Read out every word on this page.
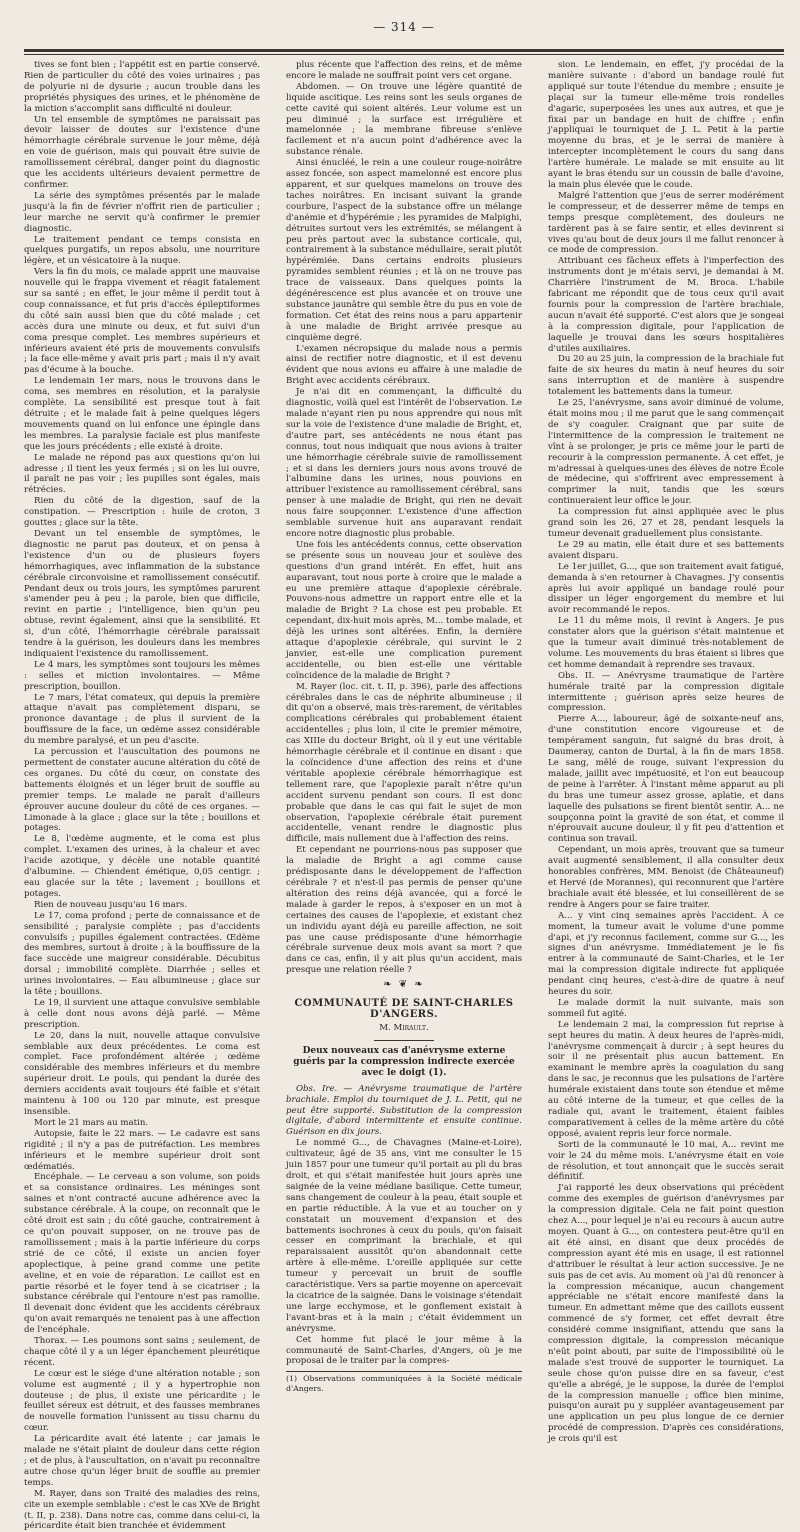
— 314 —

tives se font bien ; l'appétit est en partie conservé. Rien de particulier du côté des voies urinaires ; pas de polyurie ni de dysurie ; aucun trouble dans les propriétés physiques des urines, et le phénomène de la miction s'accomplit sans difficulté ni douleur.

Un tel ensemble de symptômes ne paraissait pas devoir laisser de doutes sur l'existence d'une hémorrhagie cérébrale survenue le jour même, déjà en voie de guérison, mais qui pouvait être suivie de ramollissement cérébral, danger point du diagnostic que les accidents ultérieurs devaient permettre de confirmer.

La série des symptômes présentés par le malade jusqu'à la fin de février n'offrit rien de particulier ; leur marche ne servit qu'à confirmer le premier diagnostic.

Le traitement pendant ce temps consista en quelques purgatifs, un repos absolu, une nourriture légère, et un vésicatoire à la nuque.

Vers la fin du mois, ce malade apprit une mauvaise nouvelle qui le frappa vivement et réagit fatalement sur sa santé ; en effet, le jour même il perdit tout à coup connaissance, et fut pris d'accès épileptiformes du côté sain aussi bien que du côté malade ; cet accès dura une minute ou deux, et fut suivi d'un coma presque complet. Les membres supérieurs et inférieurs avaient été pris de mouvements convulsifs ; la face elle-même y avait pris part ; mais il n'y avait pas d'écume à la bouche.

Le lendemain 1er mars, nous le trouvons dans le coma, ses membres en résolution, et la paralysie complète. La sensibilité est presque tout à fait détruite ; et le malade fait à peine quelques légers mouvements quand on lui enfonce une épingle dans les membres. La paralysie faciale est plus manifeste que les jours précédents ; elle existé à droite.

Le malade ne répond pas aux questions qu'on lui adresse ; il tient les yeux fermés ; si on les lui ouvre, il paraît ne pas voir ; les pupilles sont égales, mais rétrécies.

Rien du côté de la digestion, sauf de la constipation. — Prescription : huile de croton, 3 gouttes ; glace sur la tête.

Devant un tel ensemble de symptômes, le diagnostic ne parut pas douteux, et on pensa à l'existence d'un ou de plusieurs foyers hémorrhagiques, avec inflammation de la substance cérébrale circonvoisine et ramollissement consécutif. Pendant deux ou trois jours, les symptômes parurent s'amender peu à peu ; la parole, bien que difficile, revint en partie ; l'intelligence, bien qu'un peu obtuse, revint également, ainsi que la sensibilité. Et si, d'un côté, l'hémorrhagie cérébrale paraissait tendre à la guérison, les douleurs dans les membres indiquaient l'existence du ramollissement.

Le 4 mars, les symptômes sont toujours les mêmes : selles et miction involontaires. — Même prescription, bouillon.

Le 7 mars, l'état comateux, qui depuis la première attaque n'avait pas complètement disparu, se prononce davantage ; de plus il survient de la bouffissure de la face, un œdème assez considérable du membre paralysé, et un peu d'ascite.

La percussion et l'auscultation des poumons ne permettent de constater aucune altération du côté de ces organes. Du côté du cœur, on constate des battements éloignés et un léger bruit de souffle au premier temps. Le malade ne paraît d'ailleurs éprouver aucune douleur du côté de ces organes. — Limonade à la glace ; glace sur la tête ; bouillons et potages.

Le 8, l'œdème augmente, et le coma est plus complet. L'examen des urines, à la chaleur et avec l'acide azotique, y décèle une notable quantité d'albumine. — Chiendent émétique, 0,05 centigr. ; eau glacée sur la tête ; lavement ; bouillons et potages.

Rien de nouveau jusqu'au 16 mars.

Le 17, coma profond ; perte de connaissance et de sensibilité ; paralysie complète ; pas d'accidents convulsifs ; pupilles également contractées. Œdème des membres, surtout à droite ; à la bouffissure de la face succède une maigreur considérable. Décubitus dorsal ; immobilité complète. Diarrhée ; selles et urines involontaires. — Eau albumineuse ; glace sur la tête ; bouillons.

Le 19, il survient une attaque convulsive semblable à celle dont nous avons déjà parlé. — Même prescription.

Le 20, dans la nuit, nouvelle attaque convulsive semblable aux deux précédentes. Le coma est complet. Face profondément altérée ; œdème considérable des membres inférieurs et du membre supérieur droit. Le pouls, qui pendant la durée des derniers accidents avait toujours été faible et s'était maintenu à 100 ou 120 par minute, est presque insensible.

Mort le 21 mars au matin.

Autopsie, faite le 22 mars. — Le cadavre est sans rigidité ; il n'y a pas de putréfaction. Les membres inférieurs et le membre supérieur droit sont œdématiés.

Encéphale. — Le cerveau a son volume, son poids et sa consistance ordinaires. Les méninges sont saines et n'ont contracté aucune adhérence avec la substance cérébrale. À la coupe, on reconnaît que le côté droit est sain ; du côté gauche, contrairement à ce qu'on pouvait supposer, on ne trouve pas de ramollissement ; mais à la partie inférieure du corps strié de ce côté, il existe un ancien foyer apoplectique, à peine grand comme une petite aveline, et en voie de réparation. Le caillot est en partie résorbé et le foyer tend à se cicatriser ; la substance cérébrale qui l'entoure n'est pas ramollie. Il devenait donc évident que les accidents cérébraux qu'on avait remarqués ne tenaient pas à une affection de l'encéphale.

Thorax. — Les poumons sont sains ; seulement, de chaque côté il y a un léger épanchement pleurétique récent.

Le cœur est le siége d'une altération notable ; son volume est augmenté ; il y a hypertrophie non douteuse ; de plus, il existe une péricardite ; le feuillet séreux est détruit, et des fausses membranes de nouvelle formation l'unissent au tissu charnu du cœur.

La péricardite avait été latente ; car jamais le malade ne s'était plaint de douleur dans cette région ; et de plus, à l'auscultation, on n'avait pu reconnaître autre chose qu'un léger bruit de souffle au premier temps.

M. Rayer, dans son Traité des maladies des reins, cite un exemple semblable : c'est le cas XVe de Bright (t. II, p. 238). Dans notre cas, comme dans celui-ci, la péricardite était bien tranchée et évidemment

plus récente que l'affection des reins, et de même encore le malade ne souffrait point vers cet organe.

Abdomen. — On trouve une légère quantité de liquide ascitique. Les reins sont les seuls organes de cette cavité qui soient altérés. Leur volume est un peu diminué ; la surface est irrégulière et mamelonnée ; la membrane fibreuse s'enlève facilement et n'a aucun point d'adhérence avec la substance rénale.

Ainsi énucléé, le rein a une couleur rouge-noirâtre assez foncée, son aspect mamelonné est encore plus apparent, et sur quelques mamelons on trouve des taches noirâtres. En incisant suivant la grande courbure, l'aspect de la substance offre un mélange d'anémie et d'hypérémie ; les pyramides de Malpighi, détruites surtout vers les extrémités, se mélangent à peu près partout avec la substance corticale, qui, contrairement à la substance médullaire, serait plutôt hypérémiée. Dans certains endroits plusieurs pyramides semblent réunies ; et là on ne trouve pas trace de vaisseaux. Dans quelques points la dégénérescence est plus avancée et on trouve une substance jaunâtre qui semble être du pus en voie de formation. Cet état des reins nous a paru appartenir à une maladie de Bright arrivée presque au cinquième degré.

L'examen nécropsique du malade nous a permis ainsi de rectifier notre diagnostic, et il est devenu évident que nous avions eu affaire à une maladie de Bright avec accidents cérébraux.

Je n'ai dit en commençant, la difficulté du diagnostic, voilà quel est l'intérêt de l'observation. Le malade n'ayant rien pu nous apprendre qui nous mît sur la voie de l'existence d'une maladie de Bright, et, d'autre part, ses antécédents ne nous étant pas connus, tout nous indiquait que nous avions à traiter une hémorrhagie cérébrale suivie de ramollissement ; et si dans les derniers jours nous avons trouvé de l'albumine dans les urines, nous pouvions en attribuer l'existence au ramollissement cérébral, sans penser à une maladie de Bright, qui rien ne devait nous faire soupçonner. L'existence d'une affection semblable survenue huit ans auparavant rendait encore notre diagnostic plus probable.

Une fois les antécédents connus, cette observation se présente sous un nouveau jour et soulève des questions d'un grand intérêt. En effet, huit ans auparavant, tout nous porte à croire que le malade a eu une première attaque d'apoplexie cérébrale. Pouvons-nous admettre un rapport entre elle et la maladie de Bright ? La chose est peu probable. Et cependant, dix-huit mois après, M... tombe malade, et déjà les urines sont altérées. Enfin, la dernière attaque d'apoplexie cérébrale, qui survint le 2 janvier, est-elle une complication purement accidentelle, ou bien est-elle une véritable coïncidence de la maladie de Bright ?

M. Rayer (loc. cit. t. II, p. 396), parle des affections cérébrales dans le cas de néphrite albumineuse ; il dit qu'on a observé, mais très-rarement, de véritables complications cérébrales qui probablement étaient accidentelles ; plus loin, il cite le premier mémoire, cas XIIIe du docteur Bright, où il y eut une véritable hémorrhagie cérébrale et il continue en disant : que la coïncidence d'une affection des reins et d'une véritable apoplexie cérébrale hémorrhagique est tellement rare, que l'apoplexie paraît n'être qu'un accident survenu pendant son cours. Il est donc probable que dans le cas qui fait le sujet de mon observation, l'apoplexie cérébrale était purement accidentelle, venant rendre le diagnostic plus difficile, mais nullement due à l'affection des reins.

Et cependant ne pourrions-nous pas supposer que la maladie de Bright a agi comme cause prédisposante dans le développement de l'affection cérébrale ? et n'est-il pas permis de penser qu'une altération des reins déjà avancée, qui a forcé le malade à garder le repos, à s'exposer en un mot à certaines des causes de l'apoplexie, et existant chez un individu ayant déjà eu pareille affection, ne soit pas une cause prédisposante d'une hémorrhagie cérébrale survenue deux mois avant sa mort ? que dans ce cas, enfin, il y ait plus qu'un accident, mais presque une relation réelle ?

❧ ❦ ❧
COMMUNAUTÉ DE SAINT-CHARLES D'ANGERS.
M. Mirault.
Deux nouveaux cas d'anévrysme externe guéris par la compression indirecte exercée avec le doigt (1).

Obs. Ire. — Anévrysme traumatique de l'artère brachiale. Emploi du tourniquet de J. L. Petit, qui ne peut être supporté. Substitution de la compression digitale, d'abord intermittente et ensuite continue. Guérison en dix jours.

Le nommé G..., de Chavagnes (Maine-et-Loire), cultivateur, âgé de 35 ans, vint me consulter le 15 juin 1857 pour une tumeur qu'il portait au pli du bras droit, et qui s'était manifestée huit jours après une saignée de la veine médiane basilique. Cette tumeur, sans changement de couleur à la peau, était souple et en partie réductible. À la vue et au toucher on y constatait un mouvement d'expansion et des battements isochrones à ceux du pouls, qu'on faisait cesser en comprimant la brachiale, et qui reparaissaient aussitôt qu'on abandonnait cette artère à elle-même. L'oreille appliquée sur cette tumeur y percevait un bruit de souffle caractéristique. Vers sa partie moyenne on apercevait la cicatrice de la saignée. Dans le voisinage s'étendait une large ecchymose, et le gonflement existait à l'avant-bras et à la main ; c'était évidemment un anévrysme.

Cet homme fut placé le jour même à la communauté de Saint-Charles, d'Angers, où je me proposai de le traiter par la compres-

(1) Observations communiquées à la Société médicale d'Angers.

sion. Le lendemain, en effet, j'y procédai de la manière suivante : d'abord un bandage roulé fut appliqué sur toute l'étendue du membre ; ensuite je plaçai sur la tumeur elle-même trois rondelles d'agaric, superposées les unes aux autres, et que je fixai par un bandage en huit de chiffre ; enfin j'appliquai le tourniquet de J. L. Petit à la partie moyenne du bras, et je le serrai de manière à intercepter incomplètement le cours du sang dans l'artère humérale. Le malade se mit ensuite au lit ayant le bras étendu sur un coussin de balle d'avoine, la main plus élevée que le coude.

Malgré l'attention que j'eus de serrer modérément le compresseur, et de desserrer même de temps en temps presque complètement, des douleurs ne tardèrent pas à se faire sentir, et elles devinrent si vives qu'au bout de deux jours il me fallut renoncer à ce mode de compression.

Attribuant ces fâcheux effets à l'imperfection des instruments dont je m'étais servi, je demandai à M. Charrière l'instrument de M. Broca. L'habile fabricant me répondit que de tous ceux qu'il avait fournis pour la compression de l'artère brachiale, aucun n'avait été supporté. C'est alors que je songeai à la compression digitale, pour l'application de laquelle je trouvai dans les sœurs hospitalières d'utiles auxiliaires.

Du 20 au 25 juin, la compression de la brachiale fut faite de six heures du matin à neuf heures du soir sans interruption et de manière à suspendre totalement les battements dans la tumeur.

Le 25, l'anévrysme, sans avoir diminué de volume, était moins mou ; il me parut que le sang commençait de s'y coaguler. Craignant que par suite de l'intermittence de la compression le traitement ne vînt à se prolonger, je pris ce même jour le parti de recourir à la compression permanente. À cet effet, je m'adressai à quelques-unes des élèves de notre École de médecine, qui s'offrirent avec empressement à comprimer la nuit, tandis que les sœurs continueraient leur office le jour.

La compression fut ainsi appliquée avec le plus grand soin les 26, 27 et 28, pendant lesquels la tumeur devenait graduellement plus consistante.

Le 29 au matin, elle était dure et ses battements avaient disparu.

Le 1er juillet, G..., que son traitement avait fatigué, demanda à s'en retourner à Chavagnes. J'y consentis après lui avoir appliqué un bandage roulé pour dissiper un léger engorgement du membre et lui avoir recommandé le repos.

Le 11 du même mois, il revint à Angers. Je pus constater alors que la guérison s'était maintenue et que la tumeur avait diminué très-notablement de volume. Les mouvements du bras étaient si libres que cet homme demandait à reprendre ses travaux.

Obs. II. — Anévrysme traumatique de l'artère humérale traité par la compression digitale intermittente ; guérison après seize heures de compression.

Pierre A..., laboureur, âgé de soixante-neuf ans, d'une constitution encore vigoureuse et de tempérament sanguin, fut saigné du bras droit, à Daumeray, canton de Durtal, à la fin de mars 1858. Le sang, mêlé de rouge, suivant l'expression du malade, jaillit avec impétuosité, et l'on eut beaucoup de peine à l'arrêter. À l'instant même apparut au pli du bras une tumeur assez grosse, aplatie, et dans laquelle des pulsations se firent bientôt sentir. A... ne soupçonna point la gravité de son état, et comme il n'éprouvait aucune douleur, il y fit peu d'attention et continua son travail.

Cependant, un mois après, trouvant que sa tumeur avait augmenté sensiblement, il alla consulter deux honorables confrères, MM. Benoist (de Châteauneuf) et Hervé (de Morannes), qui reconnurent que l'artère brachiale avait été blessée, et lui conseillèrent de se rendre à Angers pour se faire traiter.

A... y vint cinq semaines après l'accident. À ce moment, la tumeur avait le volume d'une pomme d'api, et j'y reconnus facilement, comme sur G..., les signes d'un anévrysme. Immédiatement je le fis entrer à la communauté de Saint-Charles, et le 1er mai la compression digitale indirecte fut appliquée pendant cinq heures, c'est-à-dire de quatre à neuf heures du soir.

Le malade dormit la nuit suivante, mais son sommeil fut agité.

Le lendemain 2 mai, la compression fut reprise à sept heures du matin. À deux heures de l'après-midi, l'anévrysme commençait à durcir ; à sept heures du soir il ne présentait plus aucun battement. En examinant le membre après la coagulation du sang dans le sac, je reconnus que les pulsations de l'artère humérale existaient dans toute son étendue et même au côté interne de la tumeur, et que celles de la radiale qui, avant le traitement, étaient faibles comparativement à celles de la même artère du côté opposé, avaient repris leur force normale.

Sorti de la communauté le 10 mai, A... revint me voir le 24 du même mois. L'anévrysme était en voie de résolution, et tout annonçait que le succès serait définitif.

J'ai rapporté les deux observations qui précèdent comme des exemples de guérison d'anévrysmes par la compression digitale. Cela ne fait point question chez A..., pour lequel je n'ai eu recours à aucun autre moyen. Quant à G..., on contestera peut-être qu'il en ait été ainsi, en disant que deux procédés de compression ayant été mis en usage, il est rationnel d'attribuer le résultat à leur action successive. Je ne suis pas de cet avis. Au moment où j'ai dû renoncer à la compression mécanique, aucun changement appréciable ne s'était encore manifesté dans la tumeur. En admettant même que des caillots eussent commencé de s'y former, cet effet devrait être considéré comme insignifiant, attendu que sans la compression digitale, la compression mécanique n'eût point abouti, par suite de l'impossibilité où le malade s'est trouvé de supporter le tourniquet. La seule chose qu'on puisse dire en sa faveur, c'est qu'elle a abrégé, je le suppose, la durée de l'emploi de la compression manuelle ; office bien minime, puisqu'on aurait pu y suppléer avantageusement par une application un peu plus longue de ce dernier procédé de compression. D'après ces considérations, je crois qu'il est
